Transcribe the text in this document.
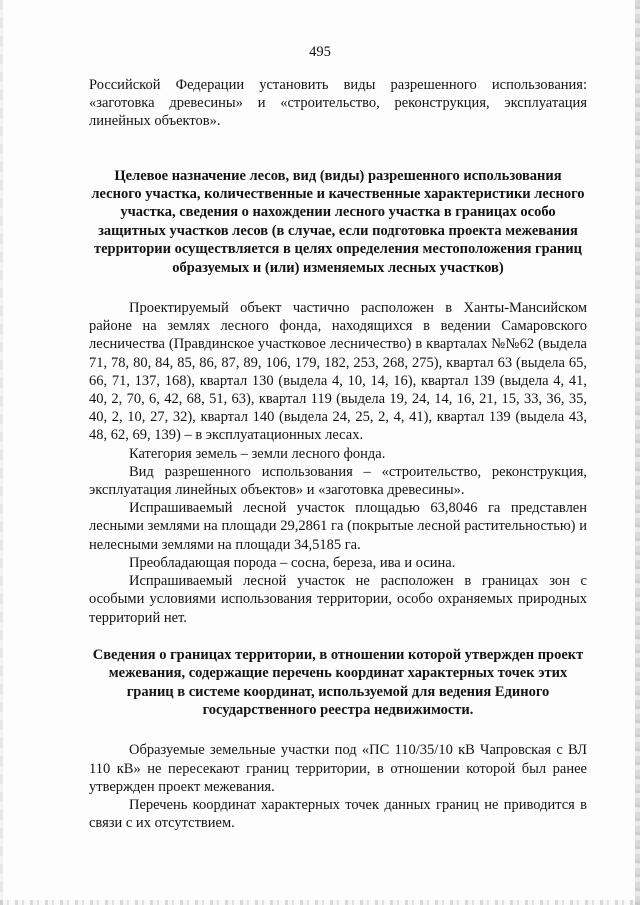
495

Российской Федерации установить виды разрешенного использования: «заготовка древесины» и «строительство, реконструкция, эксплуатация линейных объектов».

Целевое назначение лесов, вид (виды) разрешенного использования лесного участка, количественные и качественные характеристики лесного участка, сведения о нахождении лесного участка в границах особо защитных участков лесов (в случае, если подготовка проекта межевания территории осуществляется в целях определения местоположения границ образуемых и (или) изменяемых лесных участков)

Проектируемый объект частично расположен в Ханты-Мансийском районе на землях лесного фонда, находящихся в ведении Самаровского лесничества (Правдинское участковое лесничество) в кварталах №№62 (выдела 71, 78, 80, 84, 85, 86, 87, 89, 106, 179, 182, 253, 268, 275), квартал 63 (выдела 65, 66, 71, 137, 168), квартал 130 (выдела 4, 10, 14, 16), квартал 139 (выдела 4, 41, 40, 2, 70, 6, 42, 68, 51, 63), квартал 119 (выдела 19, 24, 14, 16, 21, 15, 33, 36, 35, 40, 2, 10, 27, 32), квартал 140 (выдела 24, 25, 2, 4, 41), квартал 139 (выдела 43, 48, 62, 69, 139) – в эксплуатационных лесах.

Категория земель – земли лесного фонда.

Вид разрешенного использования – «строительство, реконструкция, эксплуатация линейных объектов» и «заготовка древесины».

Испрашиваемый лесной участок площадью 63,8046 га представлен лесными землями на площади 29,2861 га (покрытые лесной растительностью) и нелесными землями на площади 34,5185 га.

Преобладающая порода – сосна, береза, ива и осина.

Испрашиваемый лесной участок не расположен в границах зон с особыми условиями использования территории, особо охраняемых природных территорий нет.

Сведения о границах территории, в отношении которой утвержден проект межевания, содержащие перечень координат характерных точек этих границ в системе координат, используемой для ведения Единого государственного реестра недвижимости.

Образуемые земельные участки под «ПС 110/35/10 кВ Чапровская с ВЛ 110 кВ» не пересекают границ территории, в отношении которой был ранее утвержден проект межевания.

Перечень координат характерных точек данных границ не приводится в связи с их отсутствием.
